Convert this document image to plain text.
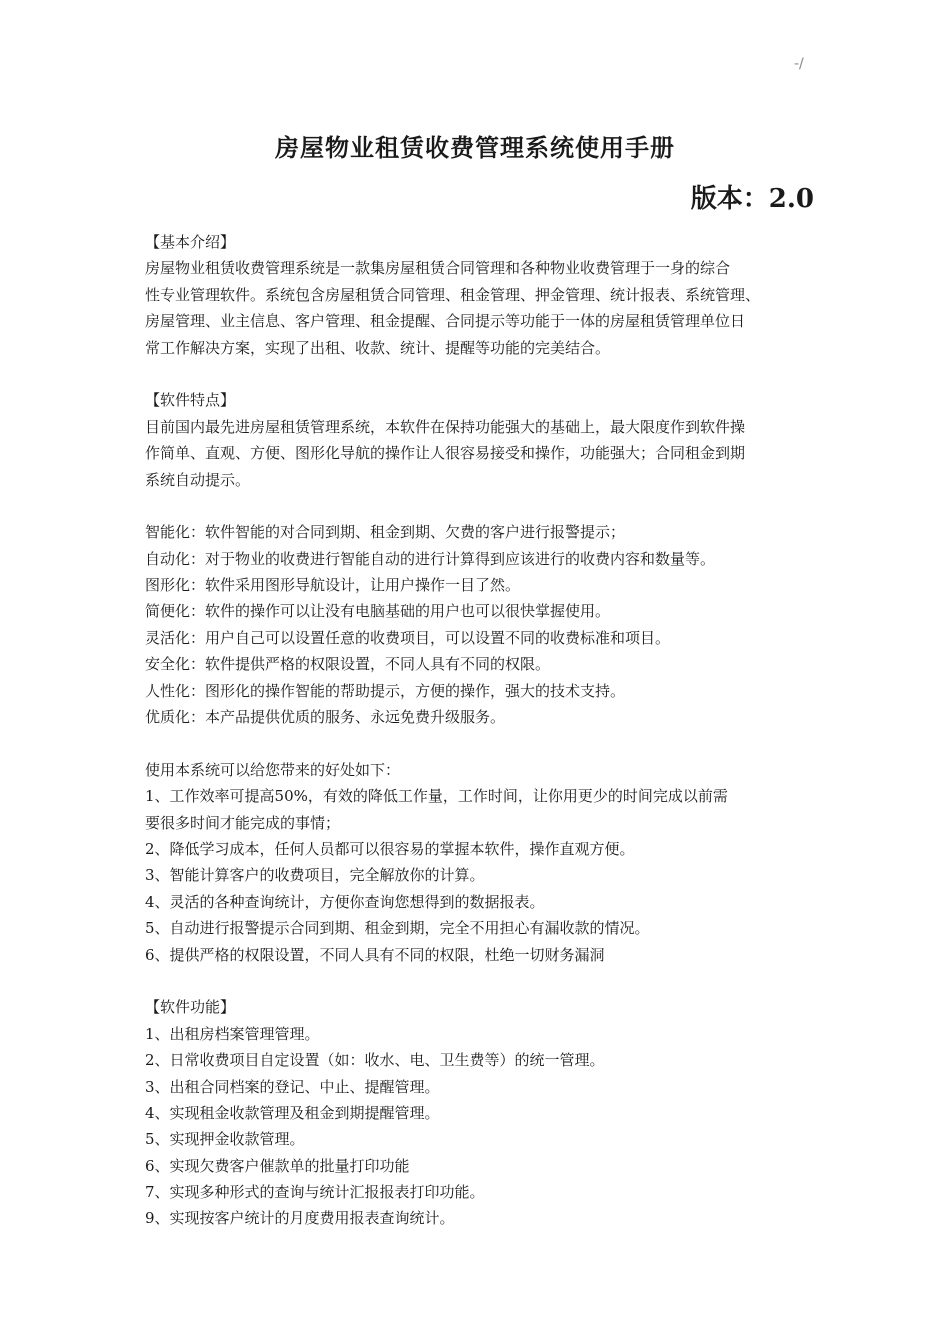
-/
房屋物业租赁收费管理系统使用手册
版本：2.0
【基本介绍】
房屋物业租赁收费管理系统是一款集房屋租赁合同管理和各种物业收费管理于一身的综合
性专业管理软件。系统包含房屋租赁合同管理、租金管理、押金管理、统计报表、系统管理、
房屋管理、业主信息、客户管理、租金提醒、合同提示等功能于一体的房屋租赁管理单位日
常工作解决方案，实现了出租、收款、统计、提醒等功能的完美结合。
【软件特点】
目前国内最先进房屋租赁管理系统，本软件在保持功能强大的基础上，最大限度作到软件操
作简单、直观、方便、图形化导航的操作让人很容易接受和操作，功能强大；合同租金到期
系统自动提示。
智能化：软件智能的对合同到期、租金到期、欠费的客户进行报警提示；
自动化：对于物业的收费进行智能自动的进行计算得到应该进行的收费内容和数量等。
图形化：软件采用图形导航设计，让用户操作一目了然。
简便化：软件的操作可以让没有电脑基础的用户也可以很快掌握使用。
灵活化：用户自己可以设置任意的收费项目，可以设置不同的收费标准和项目。
安全化：软件提供严格的权限设置，不同人具有不同的权限。
人性化：图形化的操作智能的帮助提示，方便的操作，强大的技术支持。
优质化：本产品提供优质的服务、永远免费升级服务。
使用本系统可以给您带来的好处如下：
1、工作效率可提高50%，有效的降低工作量，工作时间，让你用更少的时间完成以前需
要很多时间才能完成的事情；
2、降低学习成本，任何人员都可以很容易的掌握本软件，操作直观方便。
3、智能计算客户的收费项目，完全解放你的计算。
4、灵活的各种查询统计，方便你查询您想得到的数据报表。
5、自动进行报警提示合同到期、租金到期，完全不用担心有漏收款的情况。
6、提供严格的权限设置，不同人具有不同的权限，杜绝一切财务漏洞
【软件功能】
1、出租房档案管理管理。
2、日常收费项目自定设置（如：收水、电、卫生费等）的统一管理。
3、出租合同档案的登记、中止、提醒管理。
4、实现租金收款管理及租金到期提醒管理。
5、实现押金收款管理。
6、实现欠费客户催款单的批量打印功能
7、实现多种形式的查询与统计汇报报表打印功能。
9、实现按客户统计的月度费用报表查询统计。
